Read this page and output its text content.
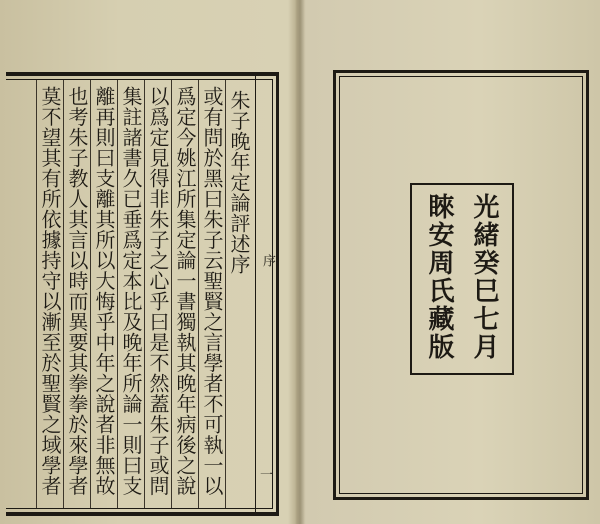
序
一
朱子晚年定論評述序
或有問於黑曰朱子云聖賢之言學者不可執一以
爲定今姚江所集定論一書獨執其晚年病後之說
以爲定見得非朱子之心乎曰是不然蓋朱子或問
集註諸書久已垂爲定本比及晚年所論一則曰支
離再則曰支離其所以大悔乎中年之說者非無故
也考朱子教人其言以時而異要其拳拳於來學者
莫不望其有所依據持守以漸至於聖賢之域學者	光緒癸巳七月
睞安周氏藏版
